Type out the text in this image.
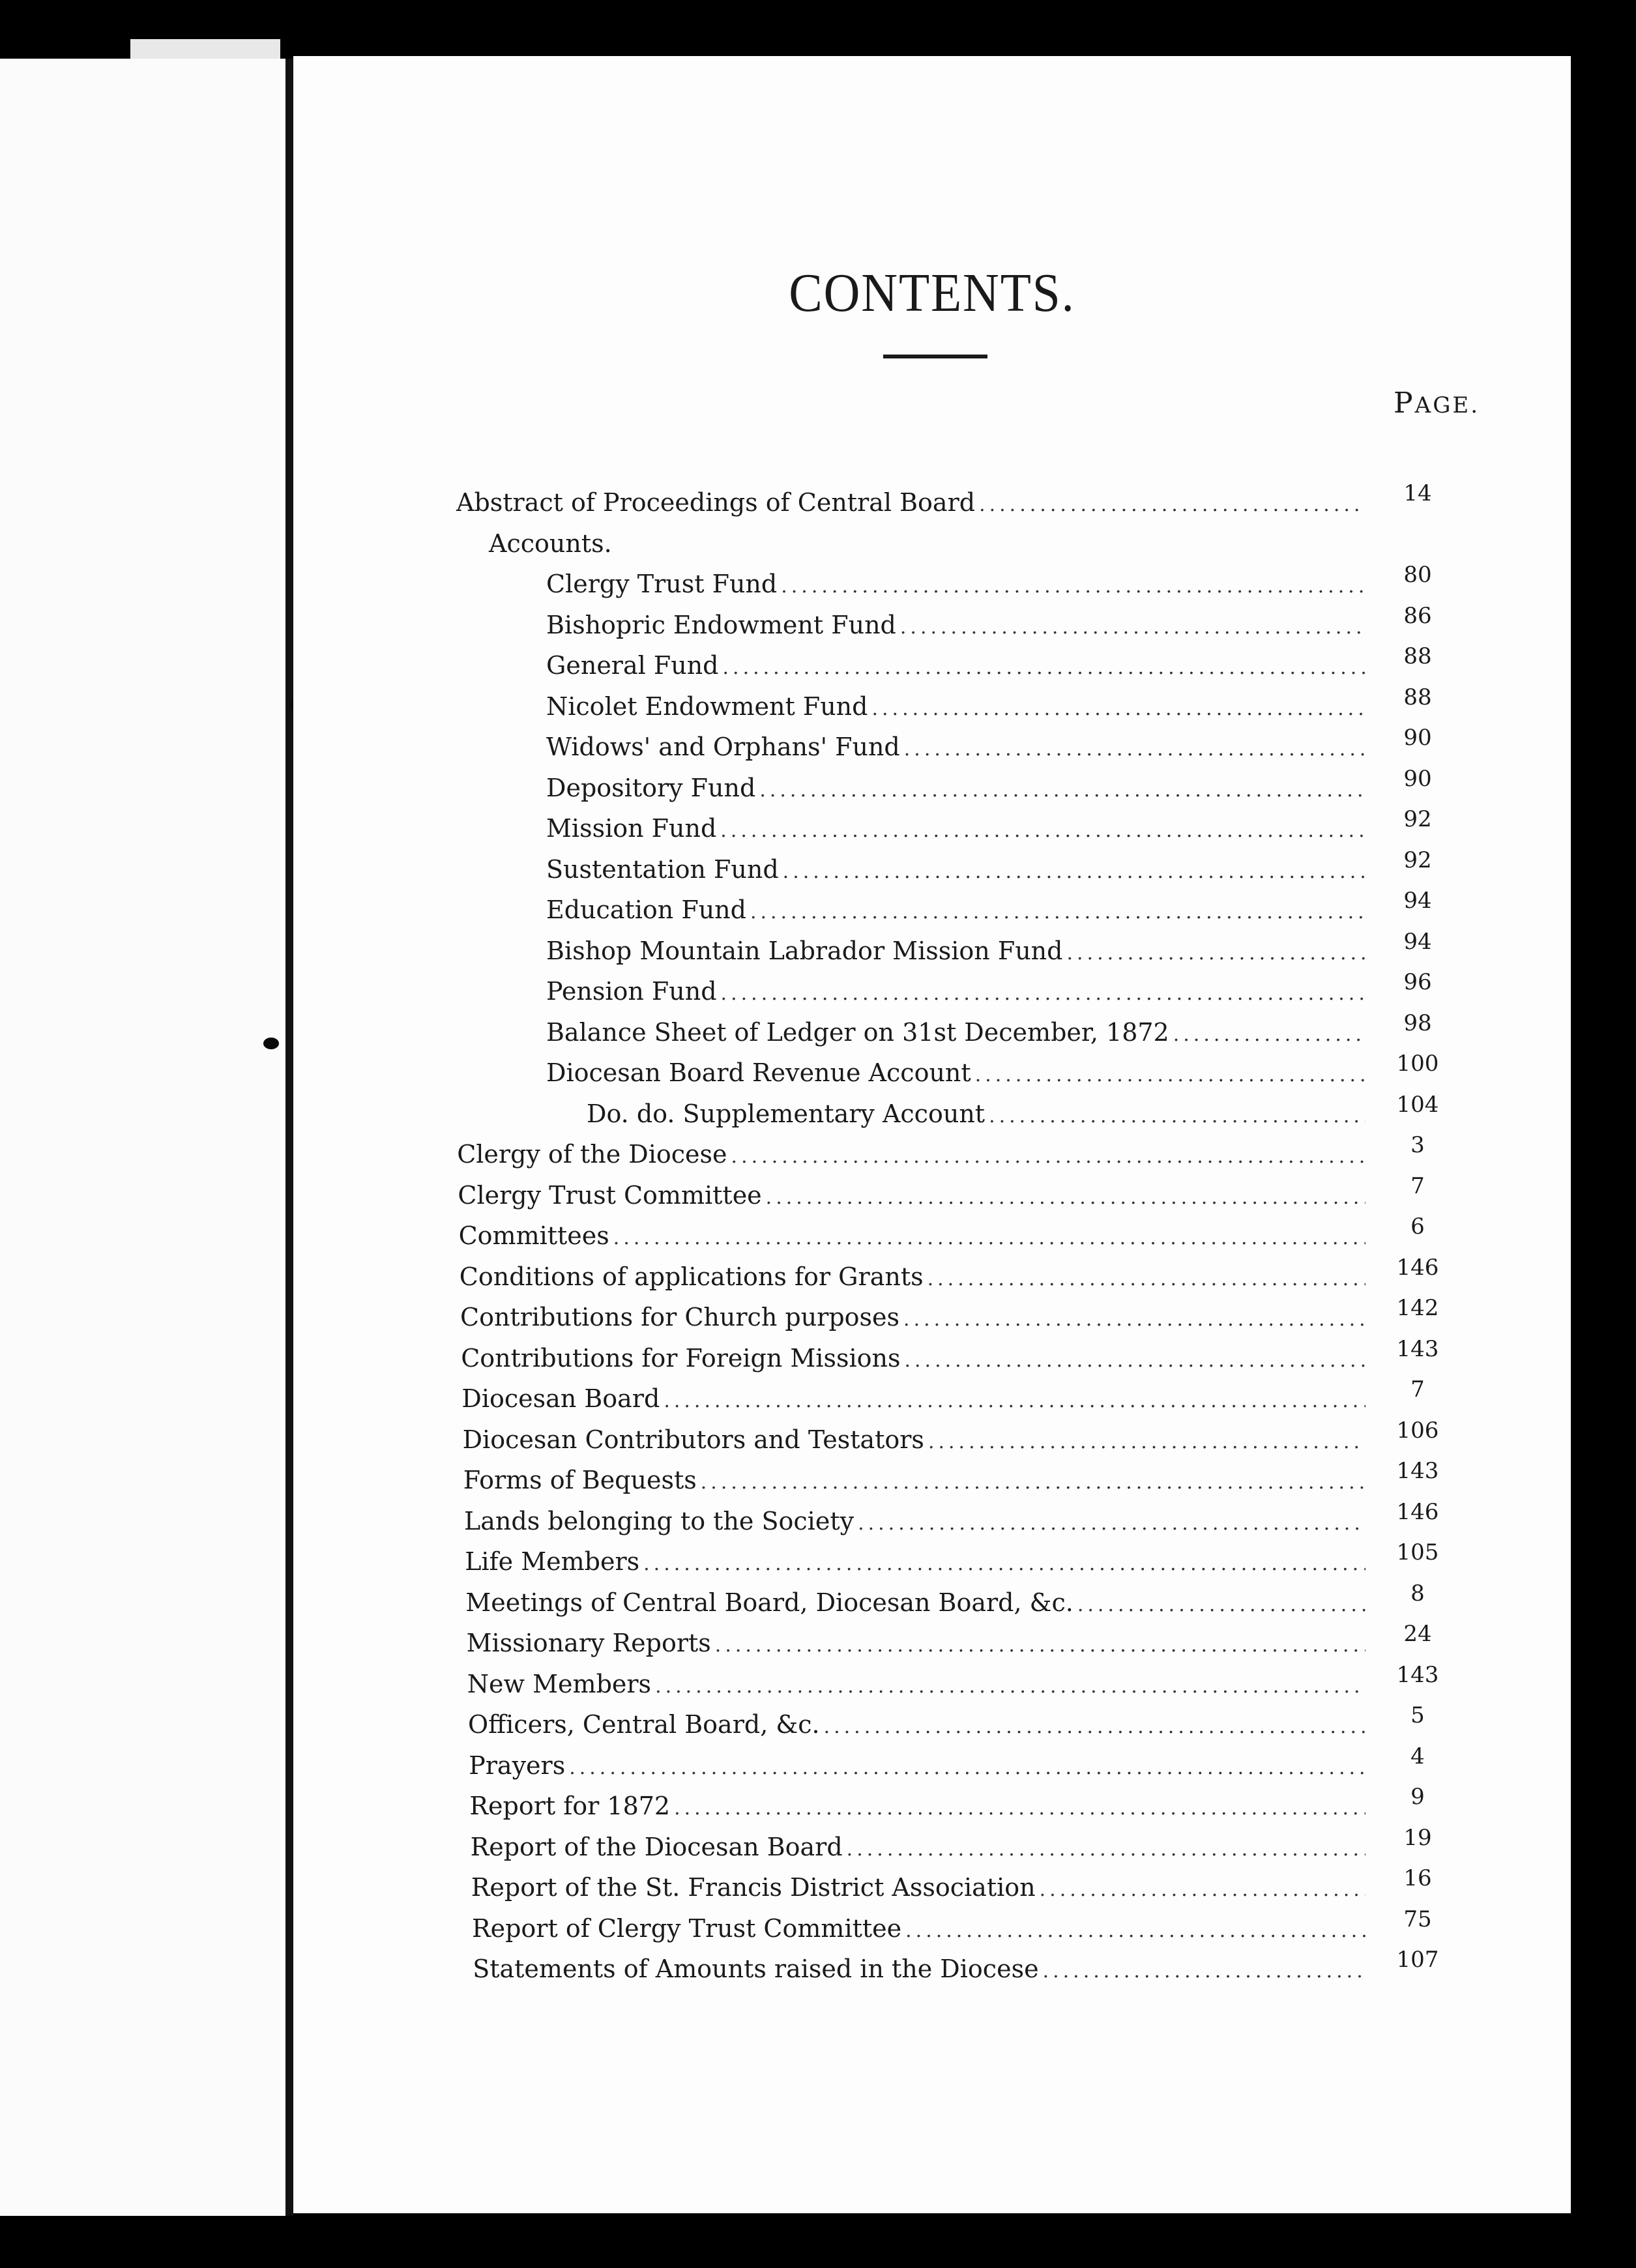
CONTENTS.
PAGE.
Abstract of Proceedings of Central Board .....	14
Accounts.
Clergy Trust Fund .....	80
Bishopric Endowment Fund .....	86
General Fund .....	88
Nicolet Endowment Fund .....	88
Widows' and Orphans' Fund .....	90
Depository Fund .....	90
Mission Fund .....	92
Sustentation Fund .....	92
Education Fund .....	94
Bishop Mountain Labrador Mission Fund .....	94
Pension Fund .....	96
Balance Sheet of Ledger on 31st December, 1872 .....	98
Diocesan Board Revenue Account .....	100
Do. do. Supplementary Account .....	104
Clergy of the Diocese .....	3
Clergy Trust Committee .....	7
Committees .....	6
Conditions of applications for Grants .....	146
Contributions for Church purposes .....	142
Contributions for Foreign Missions .....	143
Diocesan Board .....	7
Diocesan Contributors and Testators .....	106
Forms of Bequests .....	143
Lands belonging to the Society .....	146
Life Members .....	105
Meetings of Central Board, Diocesan Board, &c. .....	8
Missionary Reports .....	24
New Members .....	143
Officers, Central Board, &c. .....	5
Prayers .....	4
Report for 1872 .....	9
Report of the Diocesan Board .....	19
Report of the St. Francis District Association .....	16
Report of Clergy Trust Committee .....	75
Statements of Amounts raised in the Diocese .....	107
